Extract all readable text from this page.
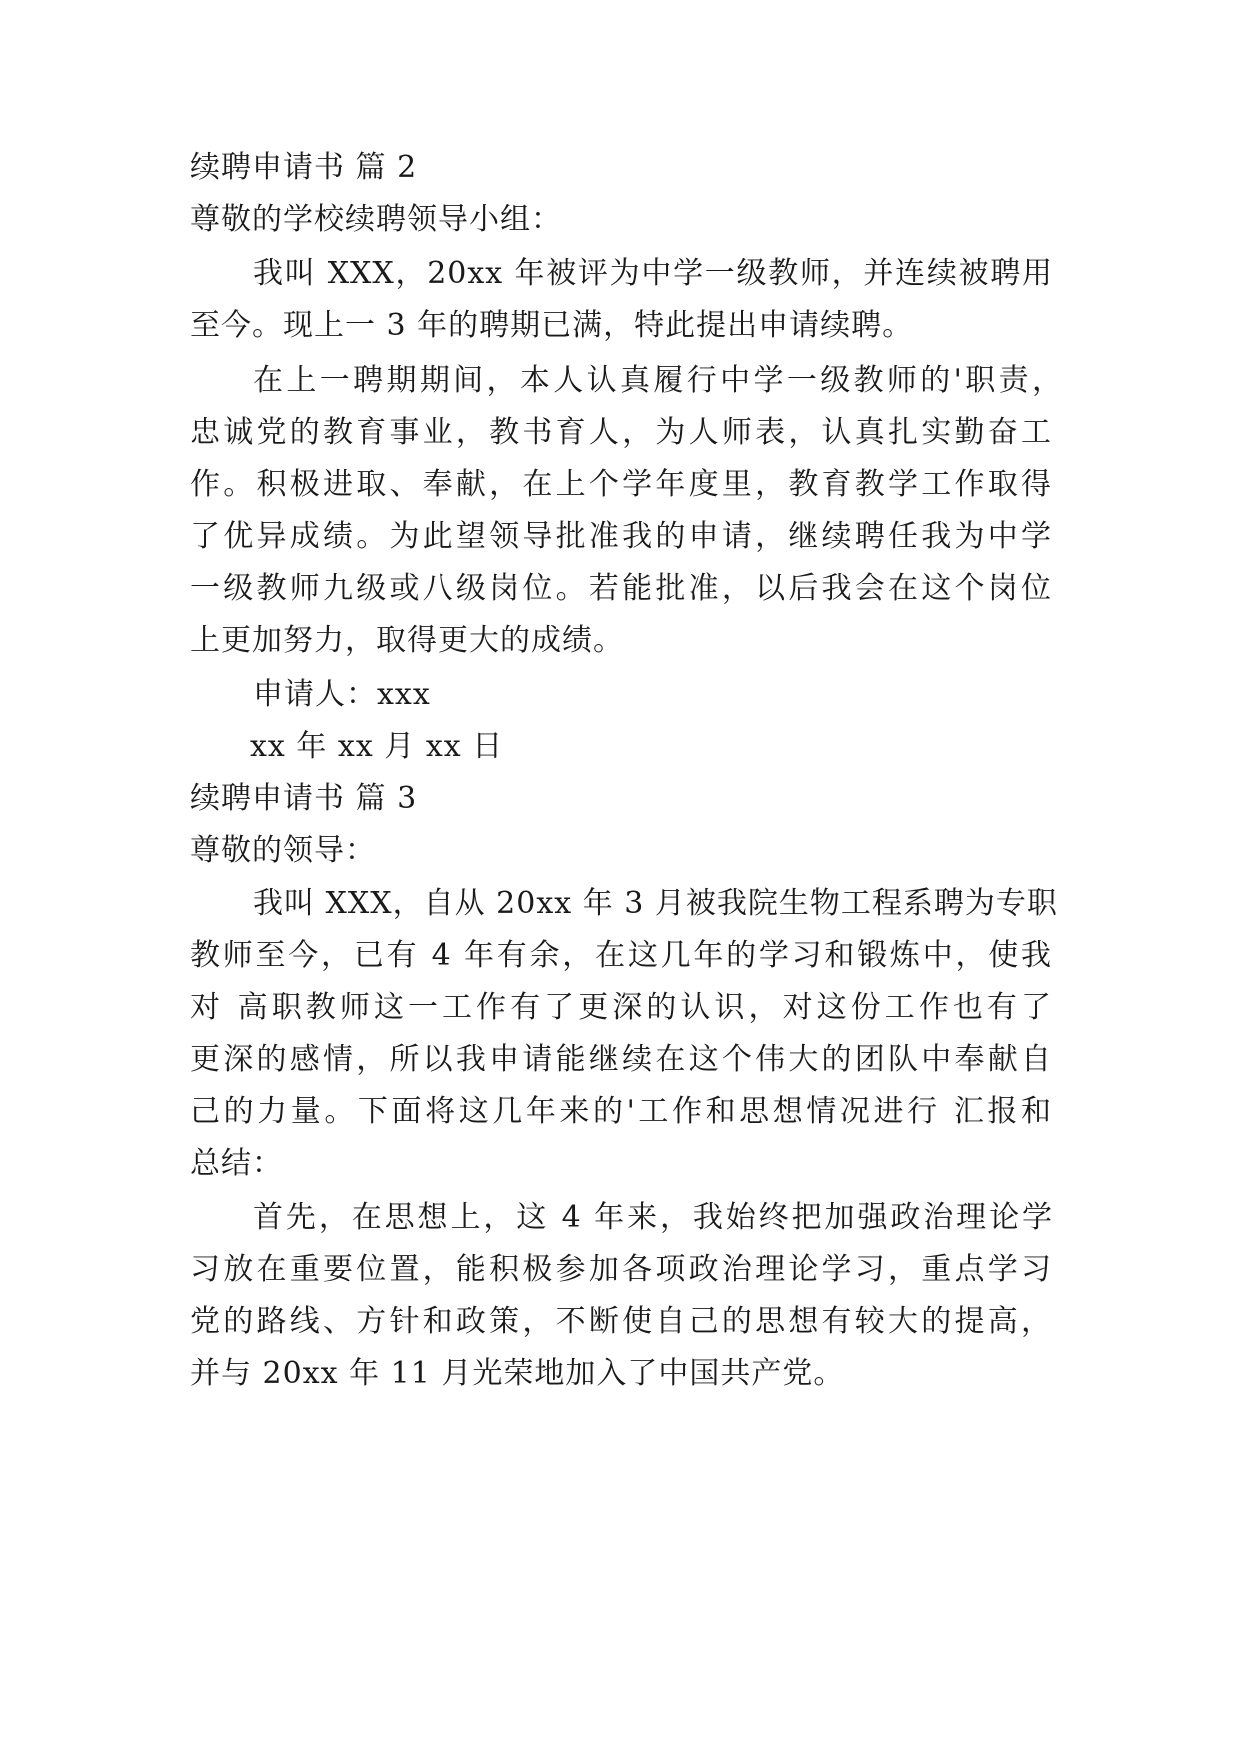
续聘申请书 篇 2
尊敬的学校续聘领导小组：
我叫 XXX，20xx 年被评为中学一级教师，并连续被聘用
至今。现上一 3 年的聘期已满，特此提出申请续聘。
在上一聘期期间，本人认真履行中学一级教师的'职责，
忠诚党的教育事业，教书育人，为人师表，认真扎实勤奋工
作。积极进取、奉献，在上个学年度里，教育教学工作取得
了优异成绩。为此望领导批准我的申请，继续聘任我为中学
一级教师九级或八级岗位。若能批准，以后我会在这个岗位
上更加努力，取得更大的成绩。
申请人：xxx
xx 年 xx 月 xx 日
续聘申请书 篇 3
尊敬的领导：
我叫 XXX，自从 20xx 年 3 月被我院生物工程系聘为专职
教师至今，已有 4 年有余，在这几年的学习和锻炼中，使我
对 高职教师这一工作有了更深的认识，对这份工作也有了
更深的感情，所以我申请能继续在这个伟大的团队中奉献自
己的力量。下面将这几年来的'工作和思想情况进行 汇报和
总结：
首先，在思想上，这 4 年来，我始终把加强政治理论学
习放在重要位置，能积极参加各项政治理论学习，重点学习
党的路线、方针和政策，不断使自己的思想有较大的提高，
并与 20xx 年 11 月光荣地加入了中国共产党。
